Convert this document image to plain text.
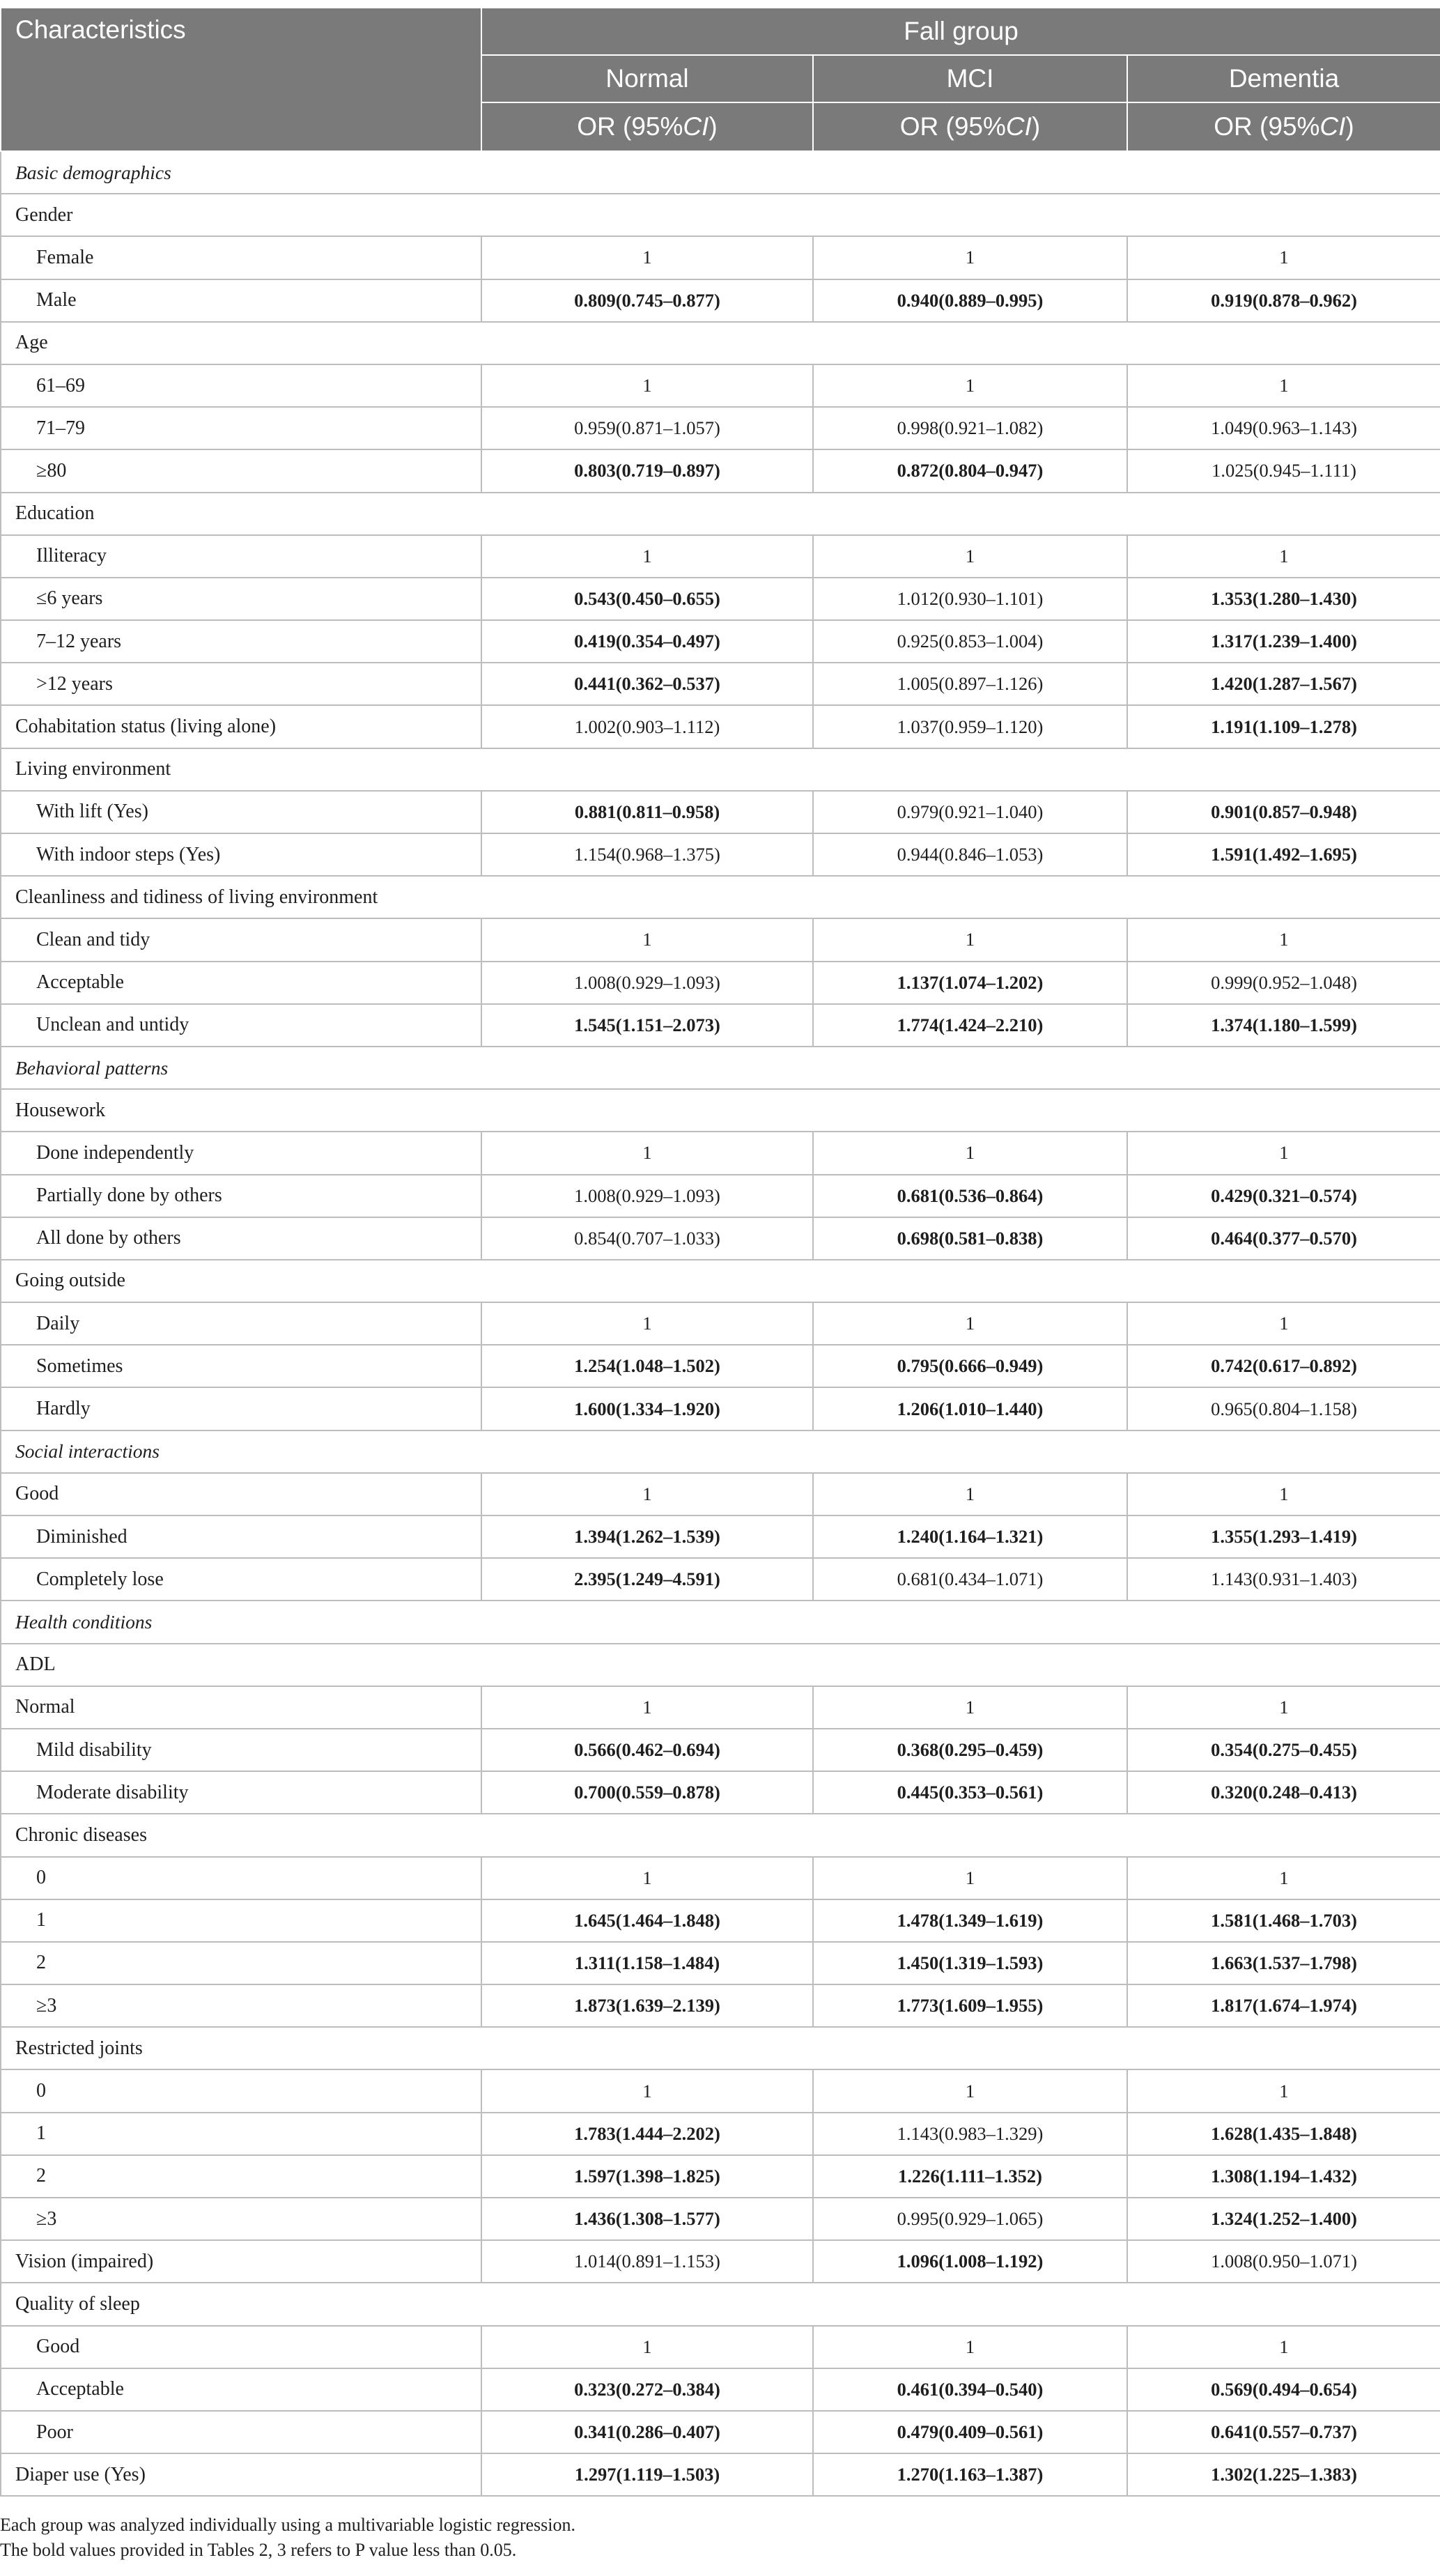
Characteristics	Fall group		
	Normal	MCI	Dementia
	OR (95%CI)	OR (95%CI)	OR (95%CI)
Basic demographics			
Gender			
Female	1	1	1
Male	0.809(0.745–0.877)	0.940(0.889–0.995)	0.919(0.878–0.962)
Age			
61–69	1	1	1
71–79	0.959(0.871–1.057)	0.998(0.921–1.082)	1.049(0.963–1.143)
≥80	0.803(0.719–0.897)	0.872(0.804–0.947)	1.025(0.945–1.111)
Education			
Illiteracy	1	1	1
≤6 years	0.543(0.450–0.655)	1.012(0.930–1.101)	1.353(1.280–1.430)
7–12 years	0.419(0.354–0.497)	0.925(0.853–1.004)	1.317(1.239–1.400)
>12 years	0.441(0.362–0.537)	1.005(0.897–1.126)	1.420(1.287–1.567)
Cohabitation status (living alone)	1.002(0.903–1.112)	1.037(0.959–1.120)	1.191(1.109–1.278)
Living environment			
With lift (Yes)	0.881(0.811–0.958)	0.979(0.921–1.040)	0.901(0.857–0.948)
With indoor steps (Yes)	1.154(0.968–1.375)	0.944(0.846–1.053)	1.591(1.492–1.695)
Cleanliness and tidiness of living environment			
Clean and tidy	1	1	1
Acceptable	1.008(0.929–1.093)	1.137(1.074–1.202)	0.999(0.952–1.048)
Unclean and untidy	1.545(1.151–2.073)	1.774(1.424–2.210)	1.374(1.180–1.599)
Behavioral patterns			
Housework			
Done independently	1	1	1
Partially done by others	1.008(0.929–1.093)	0.681(0.536–0.864)	0.429(0.321–0.574)
All done by others	0.854(0.707–1.033)	0.698(0.581–0.838)	0.464(0.377–0.570)
Going outside			
Daily	1	1	1
Sometimes	1.254(1.048–1.502)	0.795(0.666–0.949)	0.742(0.617–0.892)
Hardly	1.600(1.334–1.920)	1.206(1.010–1.440)	0.965(0.804–1.158)
Social interactions			
Good	1	1	1
Diminished	1.394(1.262–1.539)	1.240(1.164–1.321)	1.355(1.293–1.419)
Completely lose	2.395(1.249–4.591)	0.681(0.434–1.071)	1.143(0.931–1.403)
Health conditions			
ADL			
Normal	1	1	1
Mild disability	0.566(0.462–0.694)	0.368(0.295–0.459)	0.354(0.275–0.455)
Moderate disability	0.700(0.559–0.878)	0.445(0.353–0.561)	0.320(0.248–0.413)
Chronic diseases			
0	1	1	1
1	1.645(1.464–1.848)	1.478(1.349–1.619)	1.581(1.468–1.703)
2	1.311(1.158–1.484)	1.450(1.319–1.593)	1.663(1.537–1.798)
≥3	1.873(1.639–2.139)	1.773(1.609–1.955)	1.817(1.674–1.974)
Restricted joints			
0	1	1	1
1	1.783(1.444–2.202)	1.143(0.983–1.329)	1.628(1.435–1.848)
2	1.597(1.398–1.825)	1.226(1.111–1.352)	1.308(1.194–1.432)
≥3	1.436(1.308–1.577)	0.995(0.929–1.065)	1.324(1.252–1.400)
Vision (impaired)	1.014(0.891–1.153)	1.096(1.008–1.192)	1.008(0.950–1.071)
Quality of sleep			
Good	1	1	1
Acceptable	0.323(0.272–0.384)	0.461(0.394–0.540)	0.569(0.494–0.654)
Poor	0.341(0.286–0.407)	0.479(0.409–0.561)	0.641(0.557–0.737)
Diaper use (Yes)	1.297(1.119–1.503)	1.270(1.163–1.387)	1.302(1.225–1.383)
Each group was analyzed individually using a multivariable logistic regression.
The bold values provided in Tables 2, 3 refers to P value less than 0.05.
